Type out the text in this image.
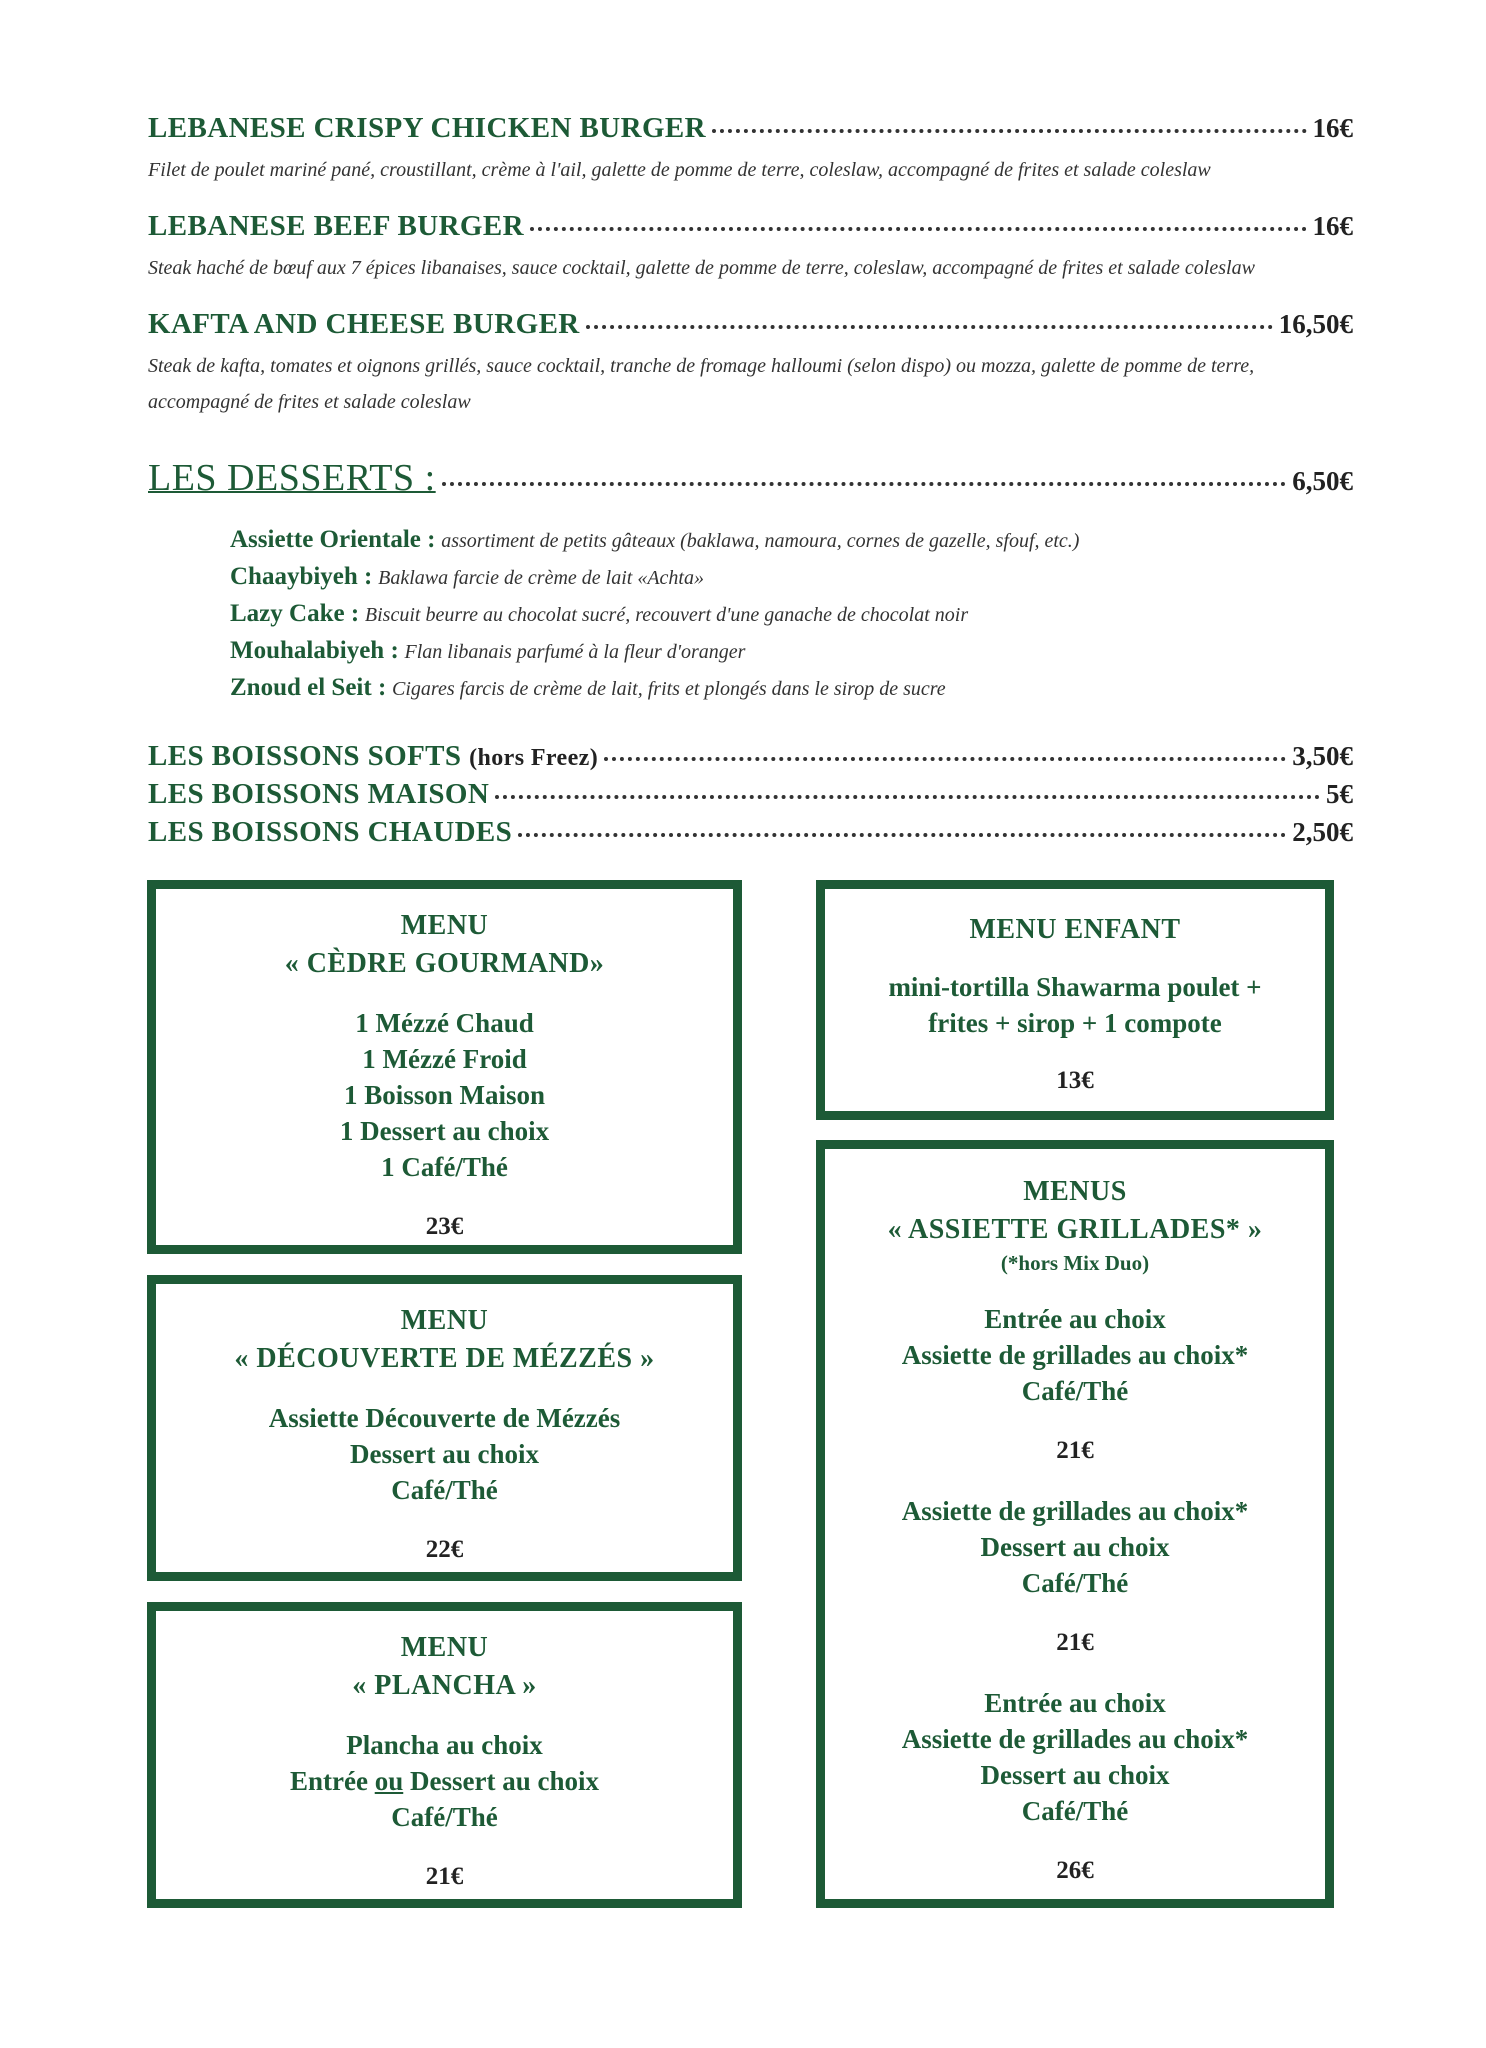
LEBANESE CRISPY CHICKEN BURGER	16€
Filet de poulet mariné pané, croustillant, crème à l'ail, galette de pomme de terre, coleslaw, accompagné de frites et salade coleslaw
LEBANESE BEEF BURGER	16€
Steak haché de bœuf aux 7 épices libanaises, sauce cocktail, galette de pomme de terre, coleslaw, accompagné de frites et salade coleslaw
KAFTA AND CHEESE BURGER	16,50€
Steak de kafta, tomates et oignons grillés, sauce cocktail, tranche de fromage halloumi (selon dispo) ou mozza, galette de pomme de terre,
accompagné de frites et salade coleslaw
LES DESSERTS :	6,50€
Assiette Orientale : assortiment de petits gâteaux (baklawa, namoura, cornes de gazelle, sfouf, etc.)
Chaaybiyeh : Baklawa farcie de crème de lait «Achta»
Lazy Cake : Biscuit beurre au chocolat sucré, recouvert d'une ganache de chocolat noir
Mouhalabiyeh : Flan libanais parfumé à la fleur d'oranger
Znoud el Seit : Cigares farcis de crème de lait, frits et plongés dans le sirop de sucre
LES BOISSONS SOFTS (hors Freez)	3,50€
LES BOISSONS MAISON	5€
LES BOISSONS CHAUDES	2,50€
MENU
« CÈDRE GOURMAND»
1 Mézzé Chaud
1 Mézzé Froid
1 Boisson Maison
1 Dessert au choix
1 Café/Thé
23€
MENU
« DÉCOUVERTE DE MÉZZÉS »
Assiette Découverte de Mézzés
Dessert au choix
Café/Thé
22€
MENU
« PLANCHA »
Plancha au choix
Entrée ou Dessert au choix
Café/Thé
21€
MENU ENFANT
mini-tortilla Shawarma poulet +
frites + sirop + 1 compote
13€
MENUS
« ASSIETTE GRILLADES* »
(*hors Mix Duo)
Entrée au choix
Assiette de grillades au choix*
Café/Thé
21€
Assiette de grillades au choix*
Dessert au choix
Café/Thé
21€
Entrée au choix
Assiette de grillades au choix*
Dessert au choix
Café/Thé
26€
